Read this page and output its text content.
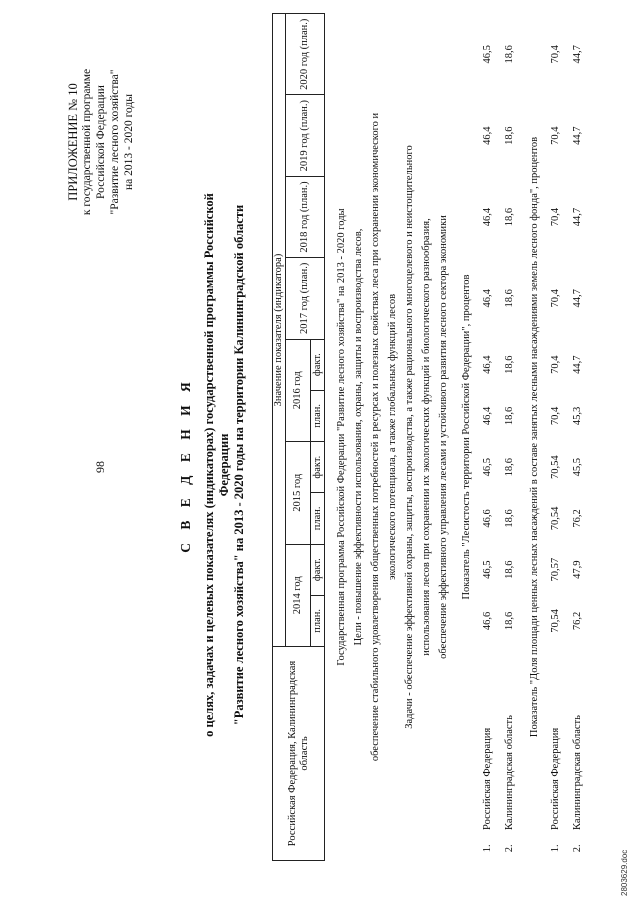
2803629.doc
98
ПРИЛОЖЕНИЕ № 10 к государственной программе Российской Федерации "Развитие лесного хозяйства" на 2013 - 2020 годы
С В Е Д Е Н И Я о целях, задачах и целевых показателях (индикаторах) государственной программы Российской Федерации "Развитие лесного хозяйства" на 2013 - 2020 годы на территории Калининградской области
Российская Федерация, Калининградская область		Значение показателя (индикатора)									
		2014 год		2015 год		2016 год		2017 год (план.)	2018 год (план.)	2019 год (план.)	2020 год (план.)
		план.	факт.	план.	факт.	план.	факт.				
Государственная программа Российской Федерации "Развитие лесного хозяйства" на 2013 - 2020 годы											
Цели - повышение эффективности использования, охраны, защиты и воспроизводства лесов,											
обеспечение стабильного удовлетворения общественных потребностей в ресурсах и полезных свойствах леса при сохранении экономического и											
экологического потенциала, а также глобальных функций лесов											
Задачи - обеспечение эффективной охраны, защиты, воспроизводства, а также рационального многоцелевого и неистощительного											
использования лесов при сохранении их экологических функций и биологического разнообразия,											
обеспечение эффективного управления лесами и устойчивого развития лесного сектора экономики											
Показатель "Лесистость территории Российской Федерации", процентов											
1.	Российская Федерация	46,6	46,5	46,6	46,5	46,4	46,4	46,4	46,4	46,4	46,5
2.	Калининградская область	18,6	18,6	18,6	18,6	18,6	18,6	18,6	18,6	18,6	18,6
Показатель "Доля площади ценных лесных насаждений в составе занятых лесными насаждениями земель лесного фонда", процентов											
1.	Российская Федерация	70,54	70,57	70,54	70,54	70,4	70,4	70,4	70,4	70,4	70,4
2.	Калининградская область	76,2	47,9	76,2	45,5	45,3	44,7	44,7	44,7	44,7	44,7
